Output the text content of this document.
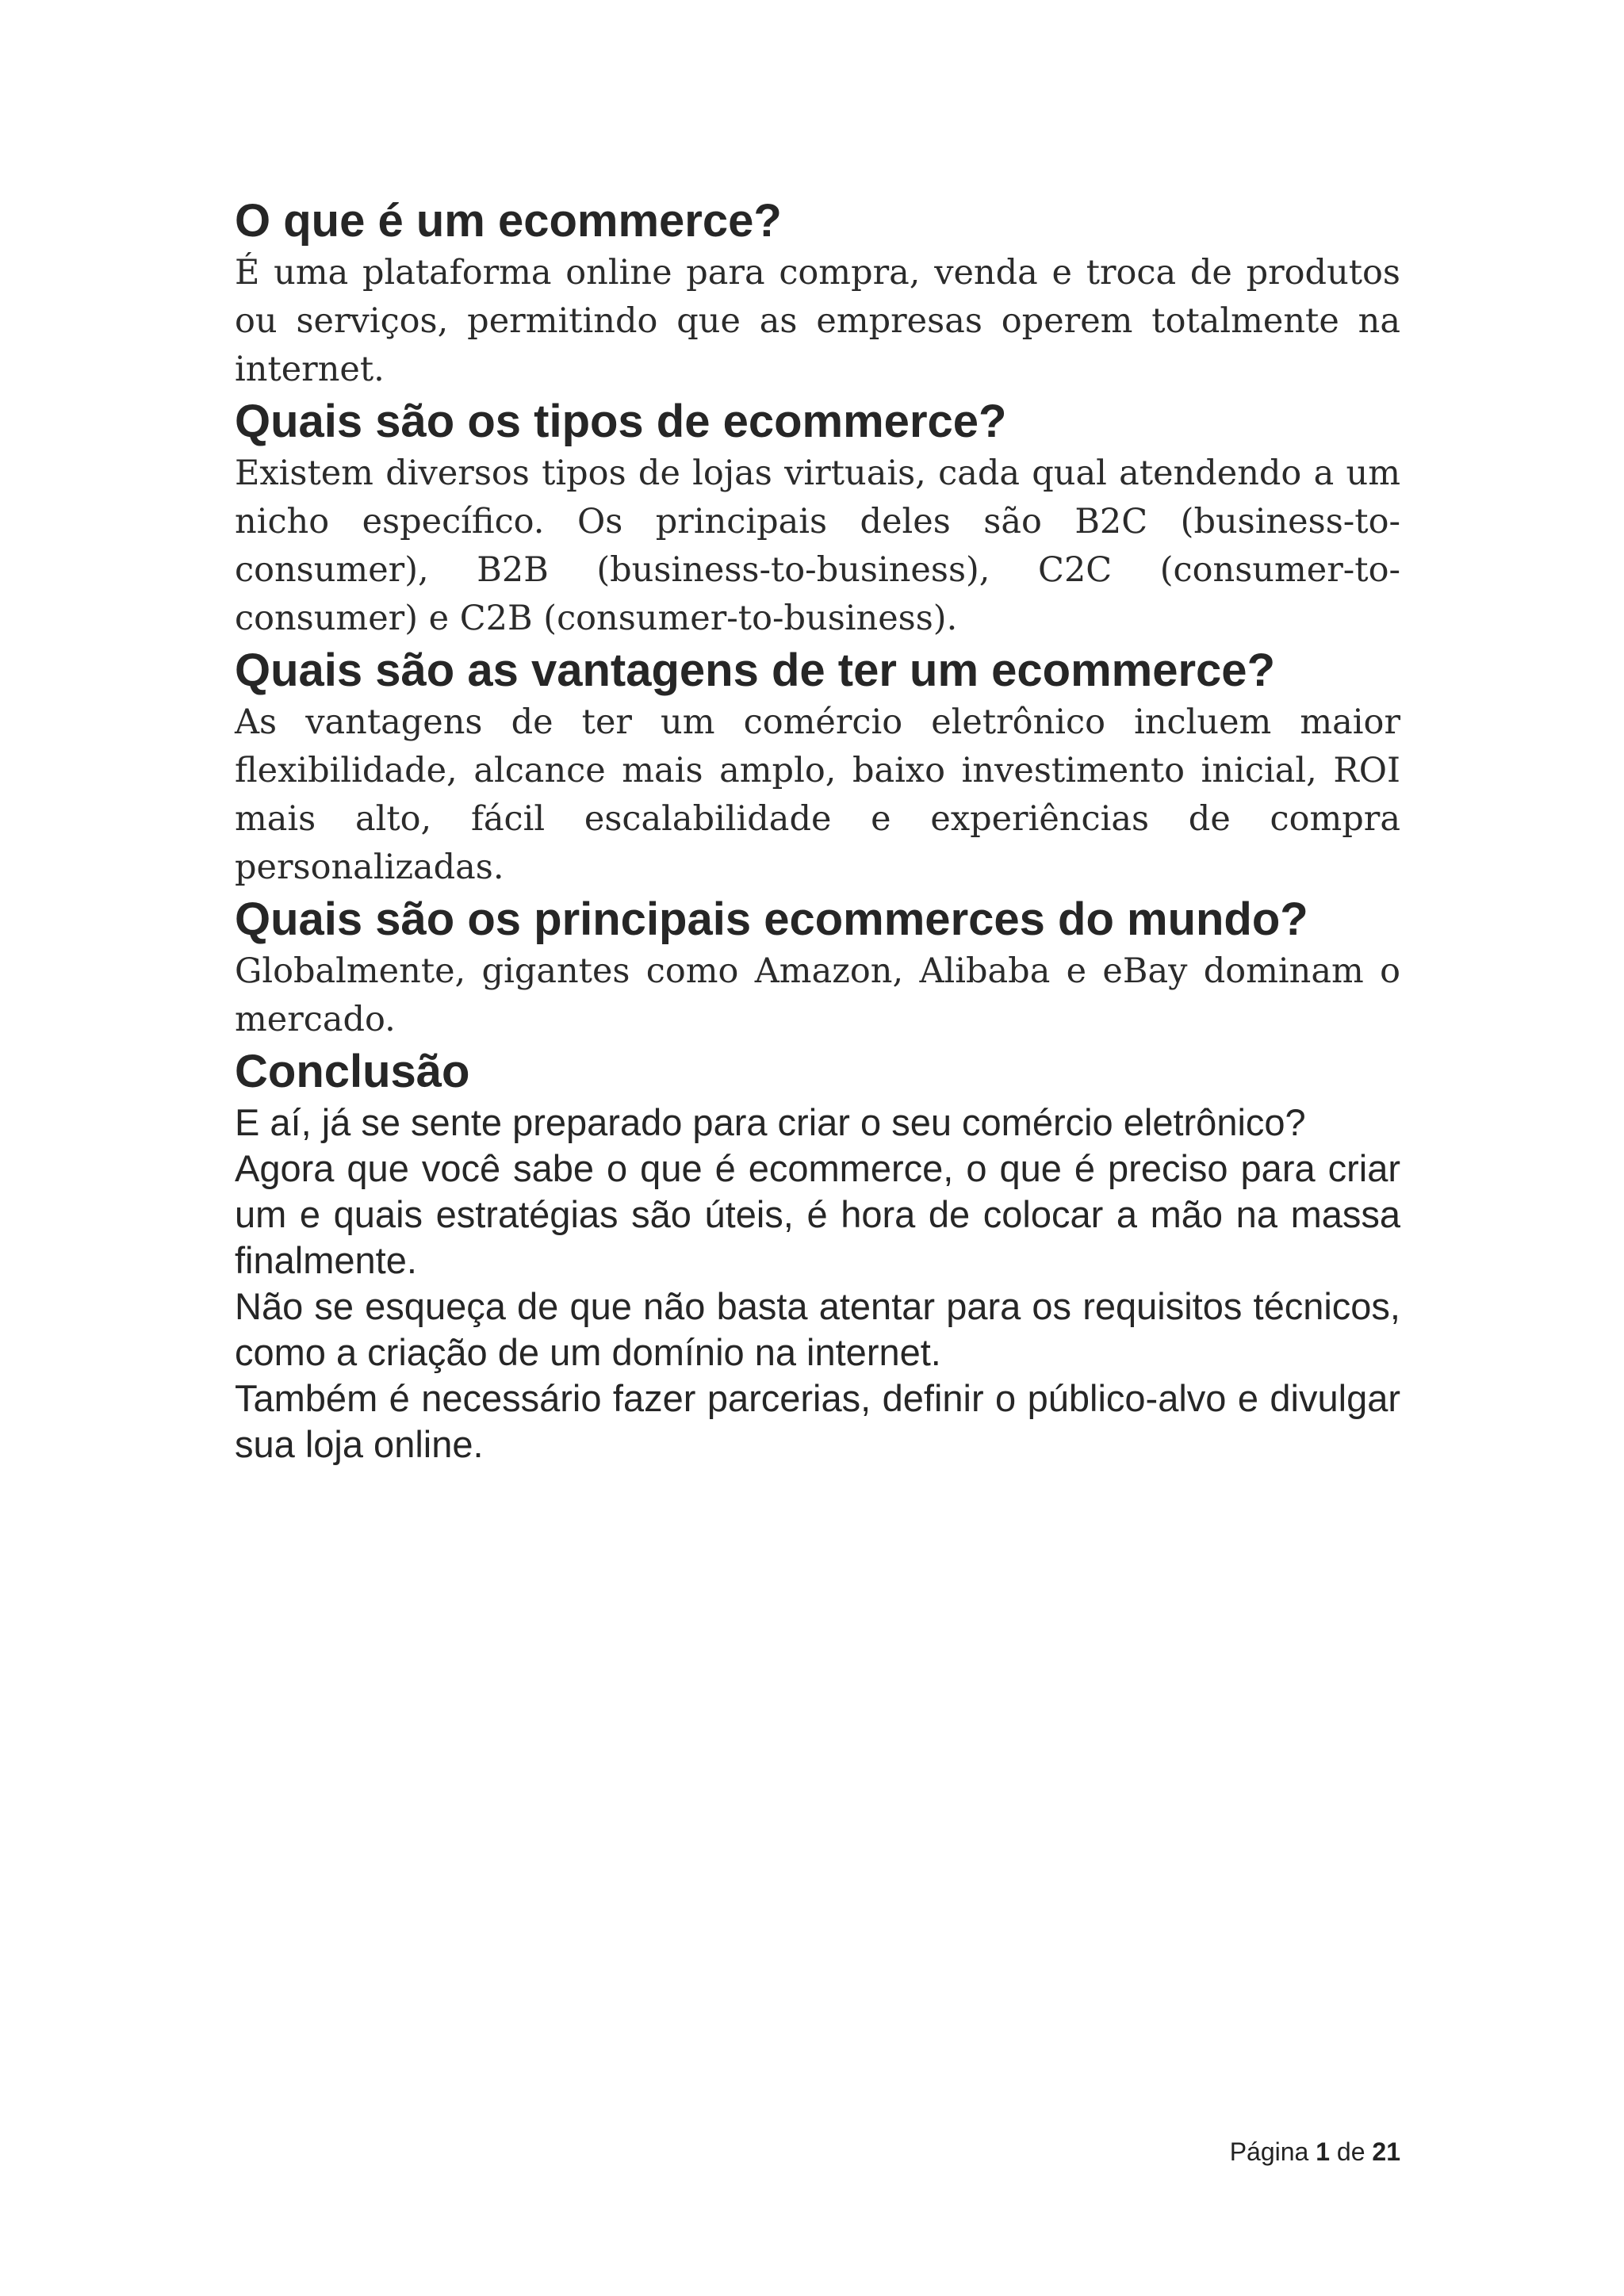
O que é um ecommerce?

É uma plataforma online para compra, venda e troca de produtos ou serviços, permitindo que as empresas operem totalmente na internet.

Quais são os tipos de ecommerce?

Existem diversos tipos de lojas virtuais, cada qual atendendo a um nicho específico. Os principais deles são B2C (business-to-consumer), B2B (business-to-business), C2C (consumer-to-consumer) e C2B (consumer-to-business).

Quais são as vantagens de ter um ecommerce?

As vantagens de ter um comércio eletrônico incluem maior flexibilidade, alcance mais amplo, baixo investimento inicial, ROI mais alto, fácil escalabilidade e experiências de compra personalizadas.

Quais são os principais ecommerces do mundo?

Globalmente, gigantes como Amazon, Alibaba e eBay dominam o mercado.

Conclusão

E aí, já se sente preparado para criar o seu comércio eletrônico?

Agora que você sabe o que é ecommerce, o que é preciso para criar um e quais estratégias são úteis, é hora de colocar a mão na massa finalmente.

Não se esqueça de que não basta atentar para os requisitos técnicos, como a criação de um domínio na internet.

Também é necessário fazer parcerias, definir o público-alvo e divulgar sua loja online.

Página 1 de 21
